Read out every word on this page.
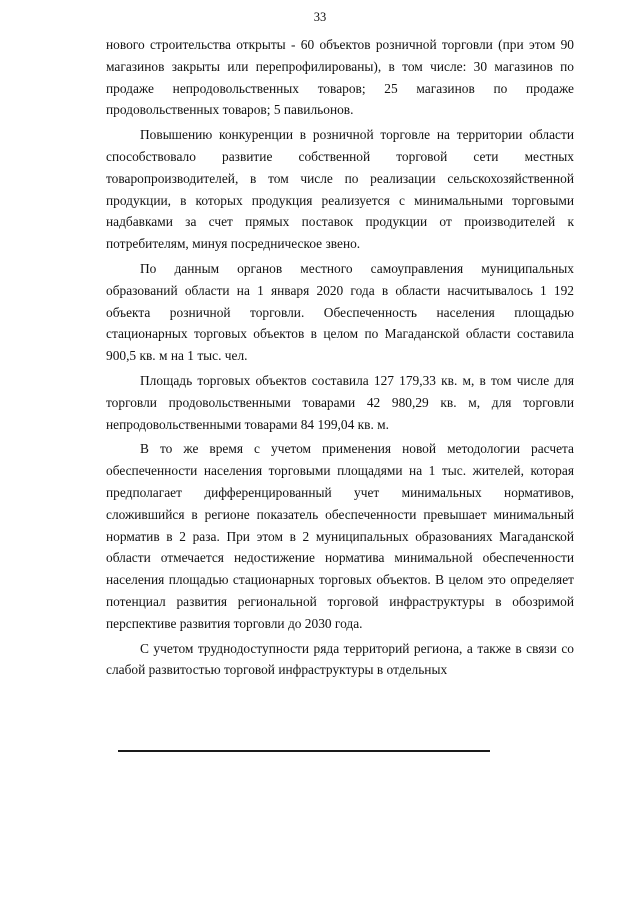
33

нового строительства открыты - 60 объектов розничной торговли (при этом 90 магазинов закрыты или перепрофилированы), в том числе: 30 магазинов по продаже непродовольственных товаров; 25 магазинов по продаже продовольственных товаров; 5 павильонов.

Повышению конкуренции в розничной торговле на территории области способствовало развитие собственной торговой сети местных товаропроизводителей, в том числе по реализации сельскохозяйственной продукции, в которых продукция реализуется с минимальными торговыми надбавками за счет прямых поставок продукции от производителей к потребителям, минуя посредническое звено.

По данным органов местного самоуправления муниципальных образований области на 1 января 2020 года в области насчитывалось 1 192 объекта розничной торговли. Обеспеченность населения площадью стационарных торговых объектов в целом по Магаданской области составила 900,5 кв. м на 1 тыс. чел.

Площадь торговых объектов составила 127 179,33 кв. м, в том числе для торговли продовольственными товарами 42 980,29 кв. м, для торговли непродовольственными товарами 84 199,04 кв. м.

В то же время с учетом применения новой методологии расчета обеспеченности населения торговыми площадями на 1 тыс. жителей, которая предполагает дифференцированный учет минимальных нормативов, сложившийся в регионе показатель обеспеченности превышает минимальный норматив в 2 раза. При этом в 2 муниципальных образованиях Магаданской области отмечается недостижение норматива минимальной обеспеченности населения площадью стационарных торговых объектов. В целом это определяет потенциал развития региональной торговой инфраструктуры в обозримой перспективе развития торговли до 2030 года.

С учетом труднодоступности ряда территорий региона, а также в связи со слабой развитостью торговой инфраструктуры в отдельных
